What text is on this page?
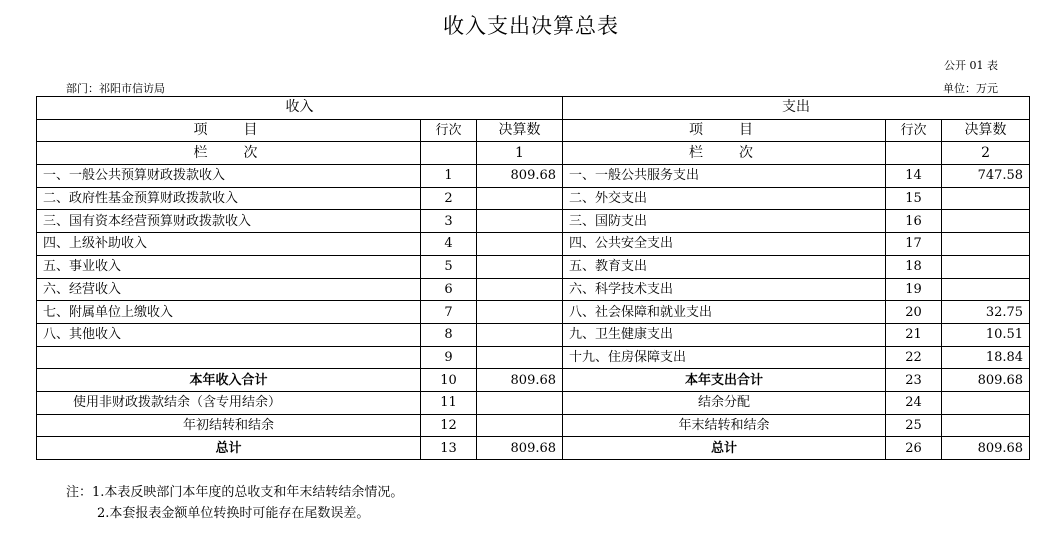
收入支出决算总表
公开 01 表
部门：祁阳市信访局	单位：万元
收入			支出		
项目	行次	决算数	项目	行次	决算数
栏次		1	栏次		2
一、一般公共预算财政拨款收入	1	809.68	一、一般公共服务支出	14	747.58
二、政府性基金预算财政拨款收入	2		二、外交支出	15	
三、国有资本经营预算财政拨款收入	3		三、国防支出	16	
四、上级补助收入	4		四、公共安全支出	17	
五、事业收入	5		五、教育支出	18	
六、经营收入	6		六、科学技术支出	19	
七、附属单位上缴收入	7		八、社会保障和就业支出	20	32.75
八、其他收入	8		九、卫生健康支出	21	10.51
	9		十九、住房保障支出	22	18.84
本年收入合计	10	809.68	本年支出合计	23	809.68
使用非财政拨款结余（含专用结余）	11		结余分配	24	
年初结转和结余	12		年末结转和结余	25	
总计	13	809.68	总计	26	809.68
注：1.本表反映部门本年度的总收支和年末结转结余情况。
2.本套报表金额单位转换时可能存在尾数误差。
